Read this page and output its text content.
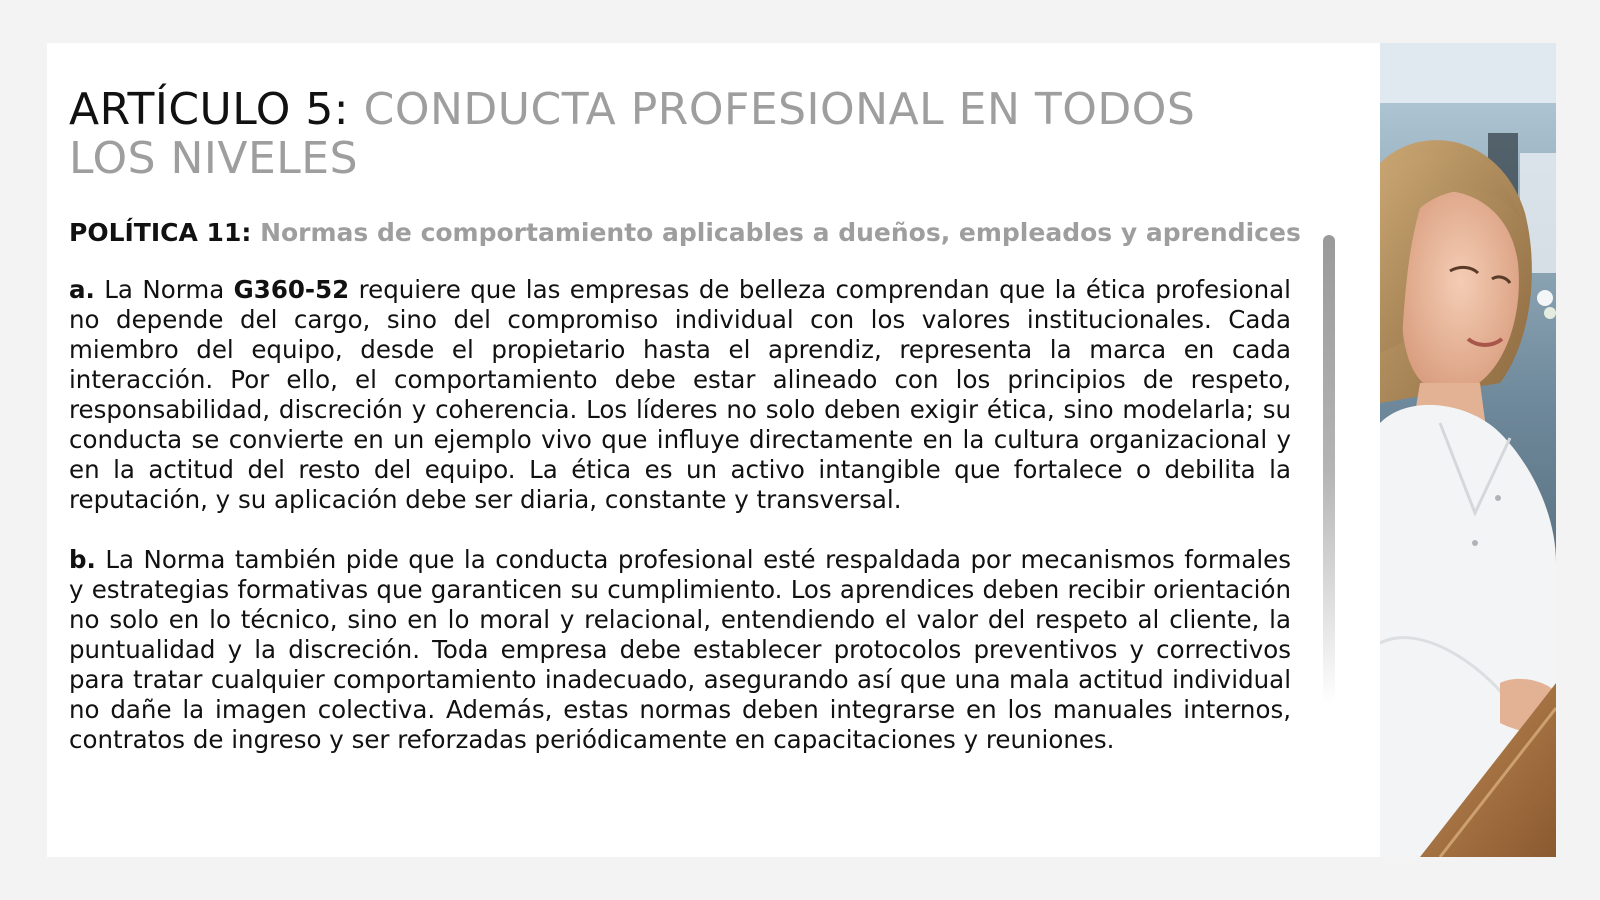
ARTÍCULO 5: CONDUCTA PROFESIONAL EN TODOS LOS NIVELES
POLÍTICA 11: Normas de comportamiento aplicables a dueños, empleados y aprendices

a. La Norma G360-52 requiere que las empresas de belleza comprendan que la ética profesional no depende del cargo, sino del compromiso individual con los valores institucionales. Cada miembro del equipo, desde el propietario hasta el aprendiz, representa la marca en cada interacción. Por ello, el comportamiento debe estar alineado con los principios de respeto, responsabilidad, discreción y coherencia. Los líderes no solo deben exigir ética, sino modelarla; su conducta se convierte en un ejemplo vivo que influye directamente en la cultura organizacional y en la actitud del resto del equipo. La ética es un activo intangible que fortalece o debilita la reputación, y su aplicación debe ser diaria, constante y transversal.

b. La Norma también pide que la conducta profesional esté respaldada por mecanismos formales y estrategias formativas que garanticen su cumplimiento. Los aprendices deben recibir orientación no solo en lo técnico, sino en lo moral y relacional, entendiendo el valor del respeto al cliente, la puntualidad y la discreción. Toda empresa debe establecer protocolos preventivos y correctivos para tratar cualquier comportamiento inadecuado, asegurando así que una mala actitud individual no dañe la imagen colectiva. Además, estas normas deben integrarse en los manuales internos, contratos de ingreso y ser reforzadas periódicamente en capacitaciones y reuniones.
